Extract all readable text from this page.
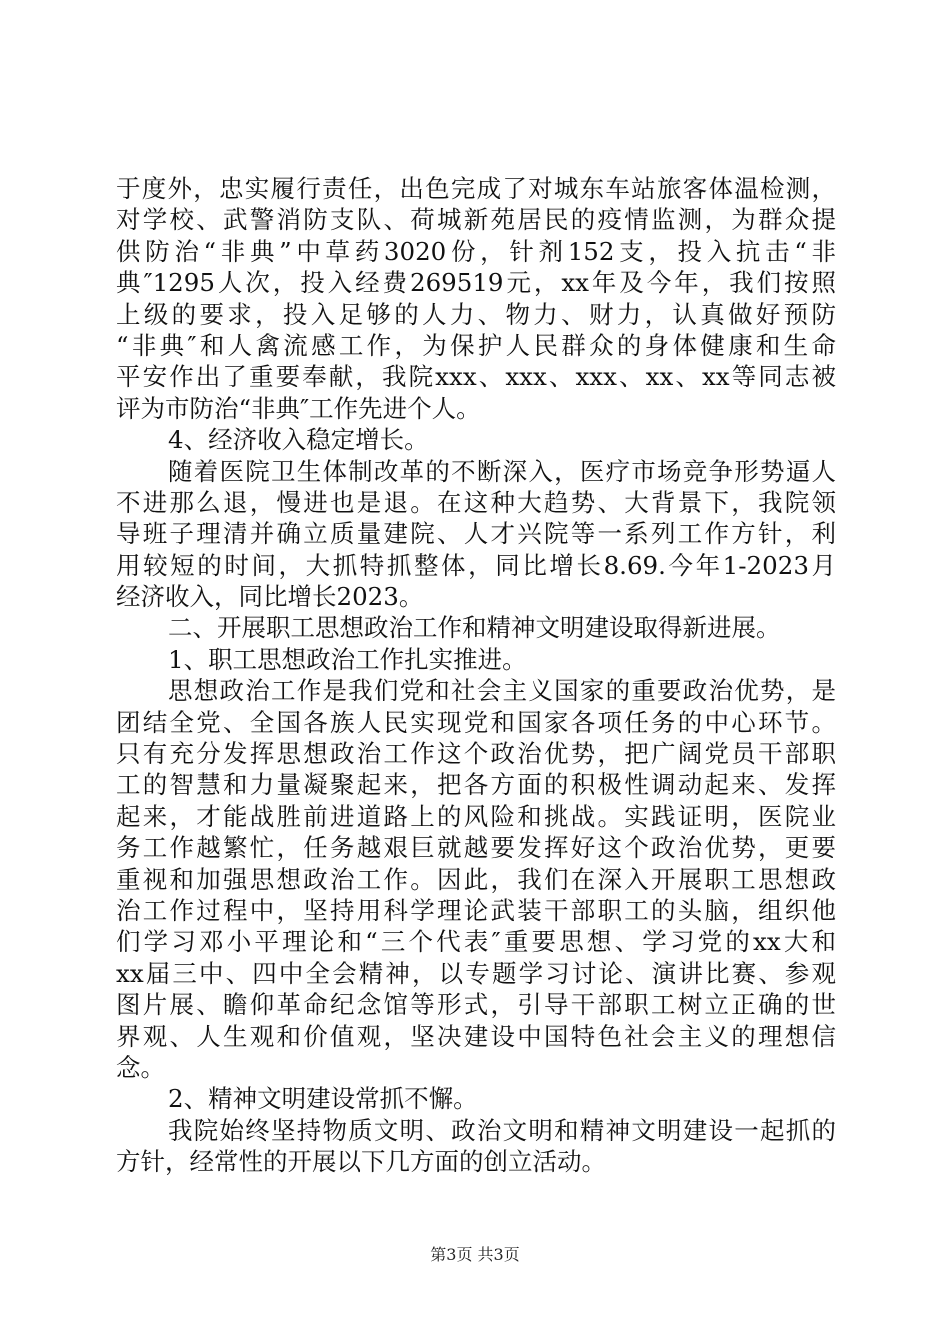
于度外，忠实履行责任，出色完成了对城东车站旅客体温检测，
对学校、武警消防支队、荷城新苑居民的疫情监测，为群众提
供防治“非典”中草药3020份，针剂152支，投入抗击“非
典″1295人次，投入经费269519元，xx年及今年，我们按照
上级的要求，投入足够的人力、物力、财力，认真做好预防
“非典″和人禽流感工作，为保护人民群众的身体健康和生命
平安作出了重要奉献，我院xxx、xxx、xxx、xx、xx等同志被
评为市防治“非典″工作先进个人。
4、经济收入稳定增长。
随着医院卫生体制改革的不断深入，医疗市场竞争形势逼人
不进那么退，慢进也是退。在这种大趋势、大背景下，我院领
导班子理清并确立质量建院、人才兴院等一系列工作方针，利
用较短的时间，大抓特抓整体，同比增长8.69.今年1-2023月
经济收入，同比增长2023。
二、开展职工思想政治工作和精神文明建设取得新进展。
1、职工思想政治工作扎实推进。
思想政治工作是我们党和社会主义国家的重要政治优势，是
团结全党、全国各族人民实现党和国家各项任务的中心环节。
只有充分发挥思想政治工作这个政治优势，把广阔党员干部职
工的智慧和力量凝聚起来，把各方面的积极性调动起来、发挥
起来，才能战胜前进道路上的风险和挑战。实践证明，医院业
务工作越繁忙，任务越艰巨就越要发挥好这个政治优势，更要
重视和加强思想政治工作。因此，我们在深入开展职工思想政
治工作过程中，坚持用科学理论武装干部职工的头脑，组织他
们学习邓小平理论和“三个代表″重要思想、学习党的xx大和
xx届三中、四中全会精神，以专题学习讨论、演讲比赛、参观
图片展、瞻仰革命纪念馆等形式，引导干部职工树立正确的世
界观、人生观和价值观，坚决建设中国特色社会主义的理想信
念。
2、精神文明建设常抓不懈。
我院始终坚持物质文明、政治文明和精神文明建设一起抓的
方针，经常性的开展以下几方面的创立活动。
第3页 共3页
